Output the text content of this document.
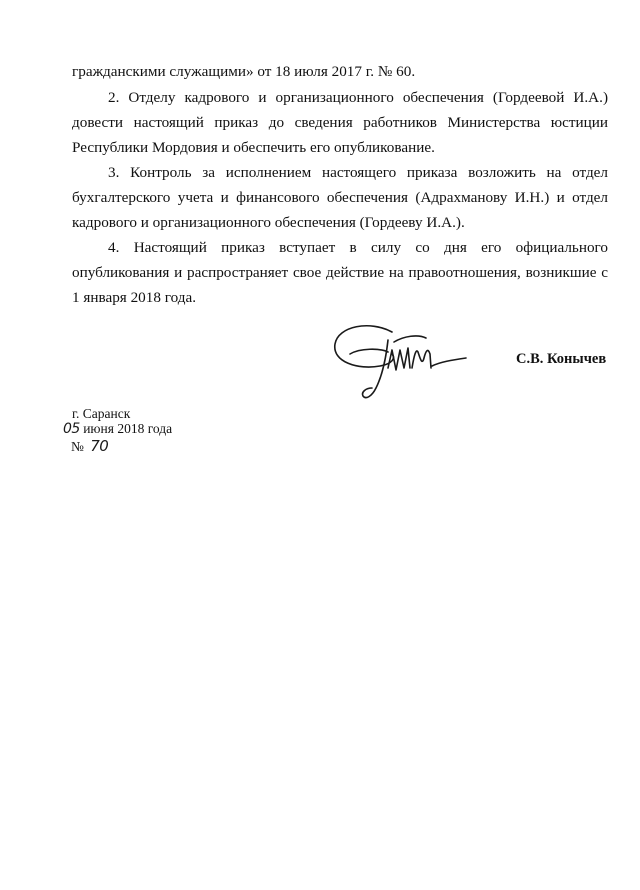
гражданскими служащими» от 18 июля 2017 г. № 60.

2. Отделу кадрового и организационного обеспечения (Гордеевой И.А.) довести настоящий приказ до сведения работников Министерства юстиции Республики Мордовия и обеспечить его опубликование.

3. Контроль за исполнением настоящего приказа возложить на отдел бухгалтерского учета и финансового обеспечения (Адрахманову И.Н.) и отдел кадрового и организационного обеспечения (Гордееву И.А.).

4. Настоящий приказ вступает в силу со дня его официального опубликования и распространяет свое действие на правоотношения, возникшие с 1 января 2018 года.

С.В. Конычев
г. Саранск
05 июня 2018 года
№ 70
